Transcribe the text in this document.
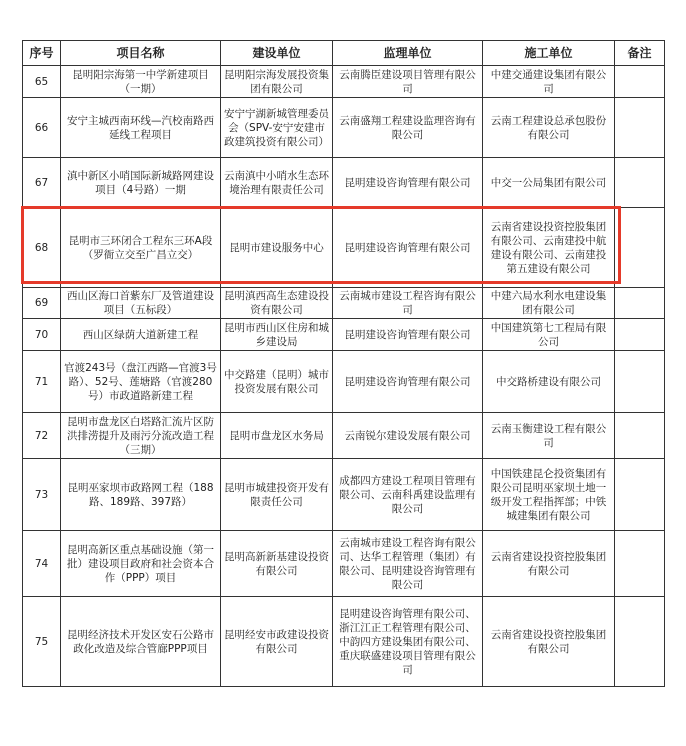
序号	项目名称	建设单位	监理单位	施工单位	备注
65	昆明阳宗海第一中学新建项目（一期）	昆明阳宗海发展投资集团有限公司	云南腾臣建设项目管理有限公司	中建交通建设集团有限公司	
66	安宁主城西南环线—汽校南路西延线工程项目	安宁宁湖新城管理委员会（SPV-安宁安建市政建筑投资有限公司）	云南盛翔工程建设监理咨询有限公司	云南工程建设总承包股份有限公司	
67	滇中新区小哨国际新城路网建设项目（4号路）一期	云南滇中小哨水生态环境治理有限责任公司	昆明建设咨询管理有限公司	中交一公局集团有限公司	
68	昆明市三环闭合工程东三环A段（罗衙立交至广昌立交）	昆明市建设服务中心	昆明建设咨询管理有限公司	云南省建设投资控股集团有限公司、云南建投中航建设有限公司、云南建投第五建设有限公司	
69	西山区海口首紫东厂及管道建设项目（五标段）	昆明滇西高生态建设投资有限公司	云南城市建设工程咨询有限公司	中建六局水利水电建设集团有限公司	
70	西山区绿荫大道新建工程	昆明市西山区住房和城乡建设局	昆明建设咨询管理有限公司	中国建筑第七工程局有限公司	
71	官渡243号（盘江西路—官渡3号路）、52号、莲塘路（官渡280号）市政道路新建工程	中交路建（昆明）城市投资发展有限公司	昆明建设咨询管理有限公司	中交路桥建设有限公司	
72	昆明市盘龙区白塔路汇流片区防洪排涝提升及雨污分流改造工程（三期）	昆明市盘龙区水务局	云南锐尔建设发展有限公司	云南玉衡建设工程有限公司	
73	昆明巫家坝市政路网工程（188路、189路、397路）	昆明市城建投资开发有限责任公司	成都四方建设工程项目管理有限公司、云南科禹建设监理有限公司	中国铁建昆仑投资集团有限公司昆明巫家坝土地一级开发工程指挥部；中铁城建集团有限公司	
74	昆明高新区重点基础设施（第一批）建设项目政府和社会资本合作（PPP）项目	昆明高新新基建设投资有限公司	云南城市建设工程咨询有限公司、达华工程管理（集团）有限公司、昆明建设咨询管理有限公司	云南省建设投资控股集团有限公司	
75	昆明经济技术开发区安石公路市政化改造及综合管廊PPP项目	昆明经安市政建设投资有限公司	昆明建设咨询管理有限公司、浙江江正工程管理有限公司、中韵四方建设集团有限公司、重庆联盛建设项目管理有限公司	云南省建设投资控股集团有限公司	
